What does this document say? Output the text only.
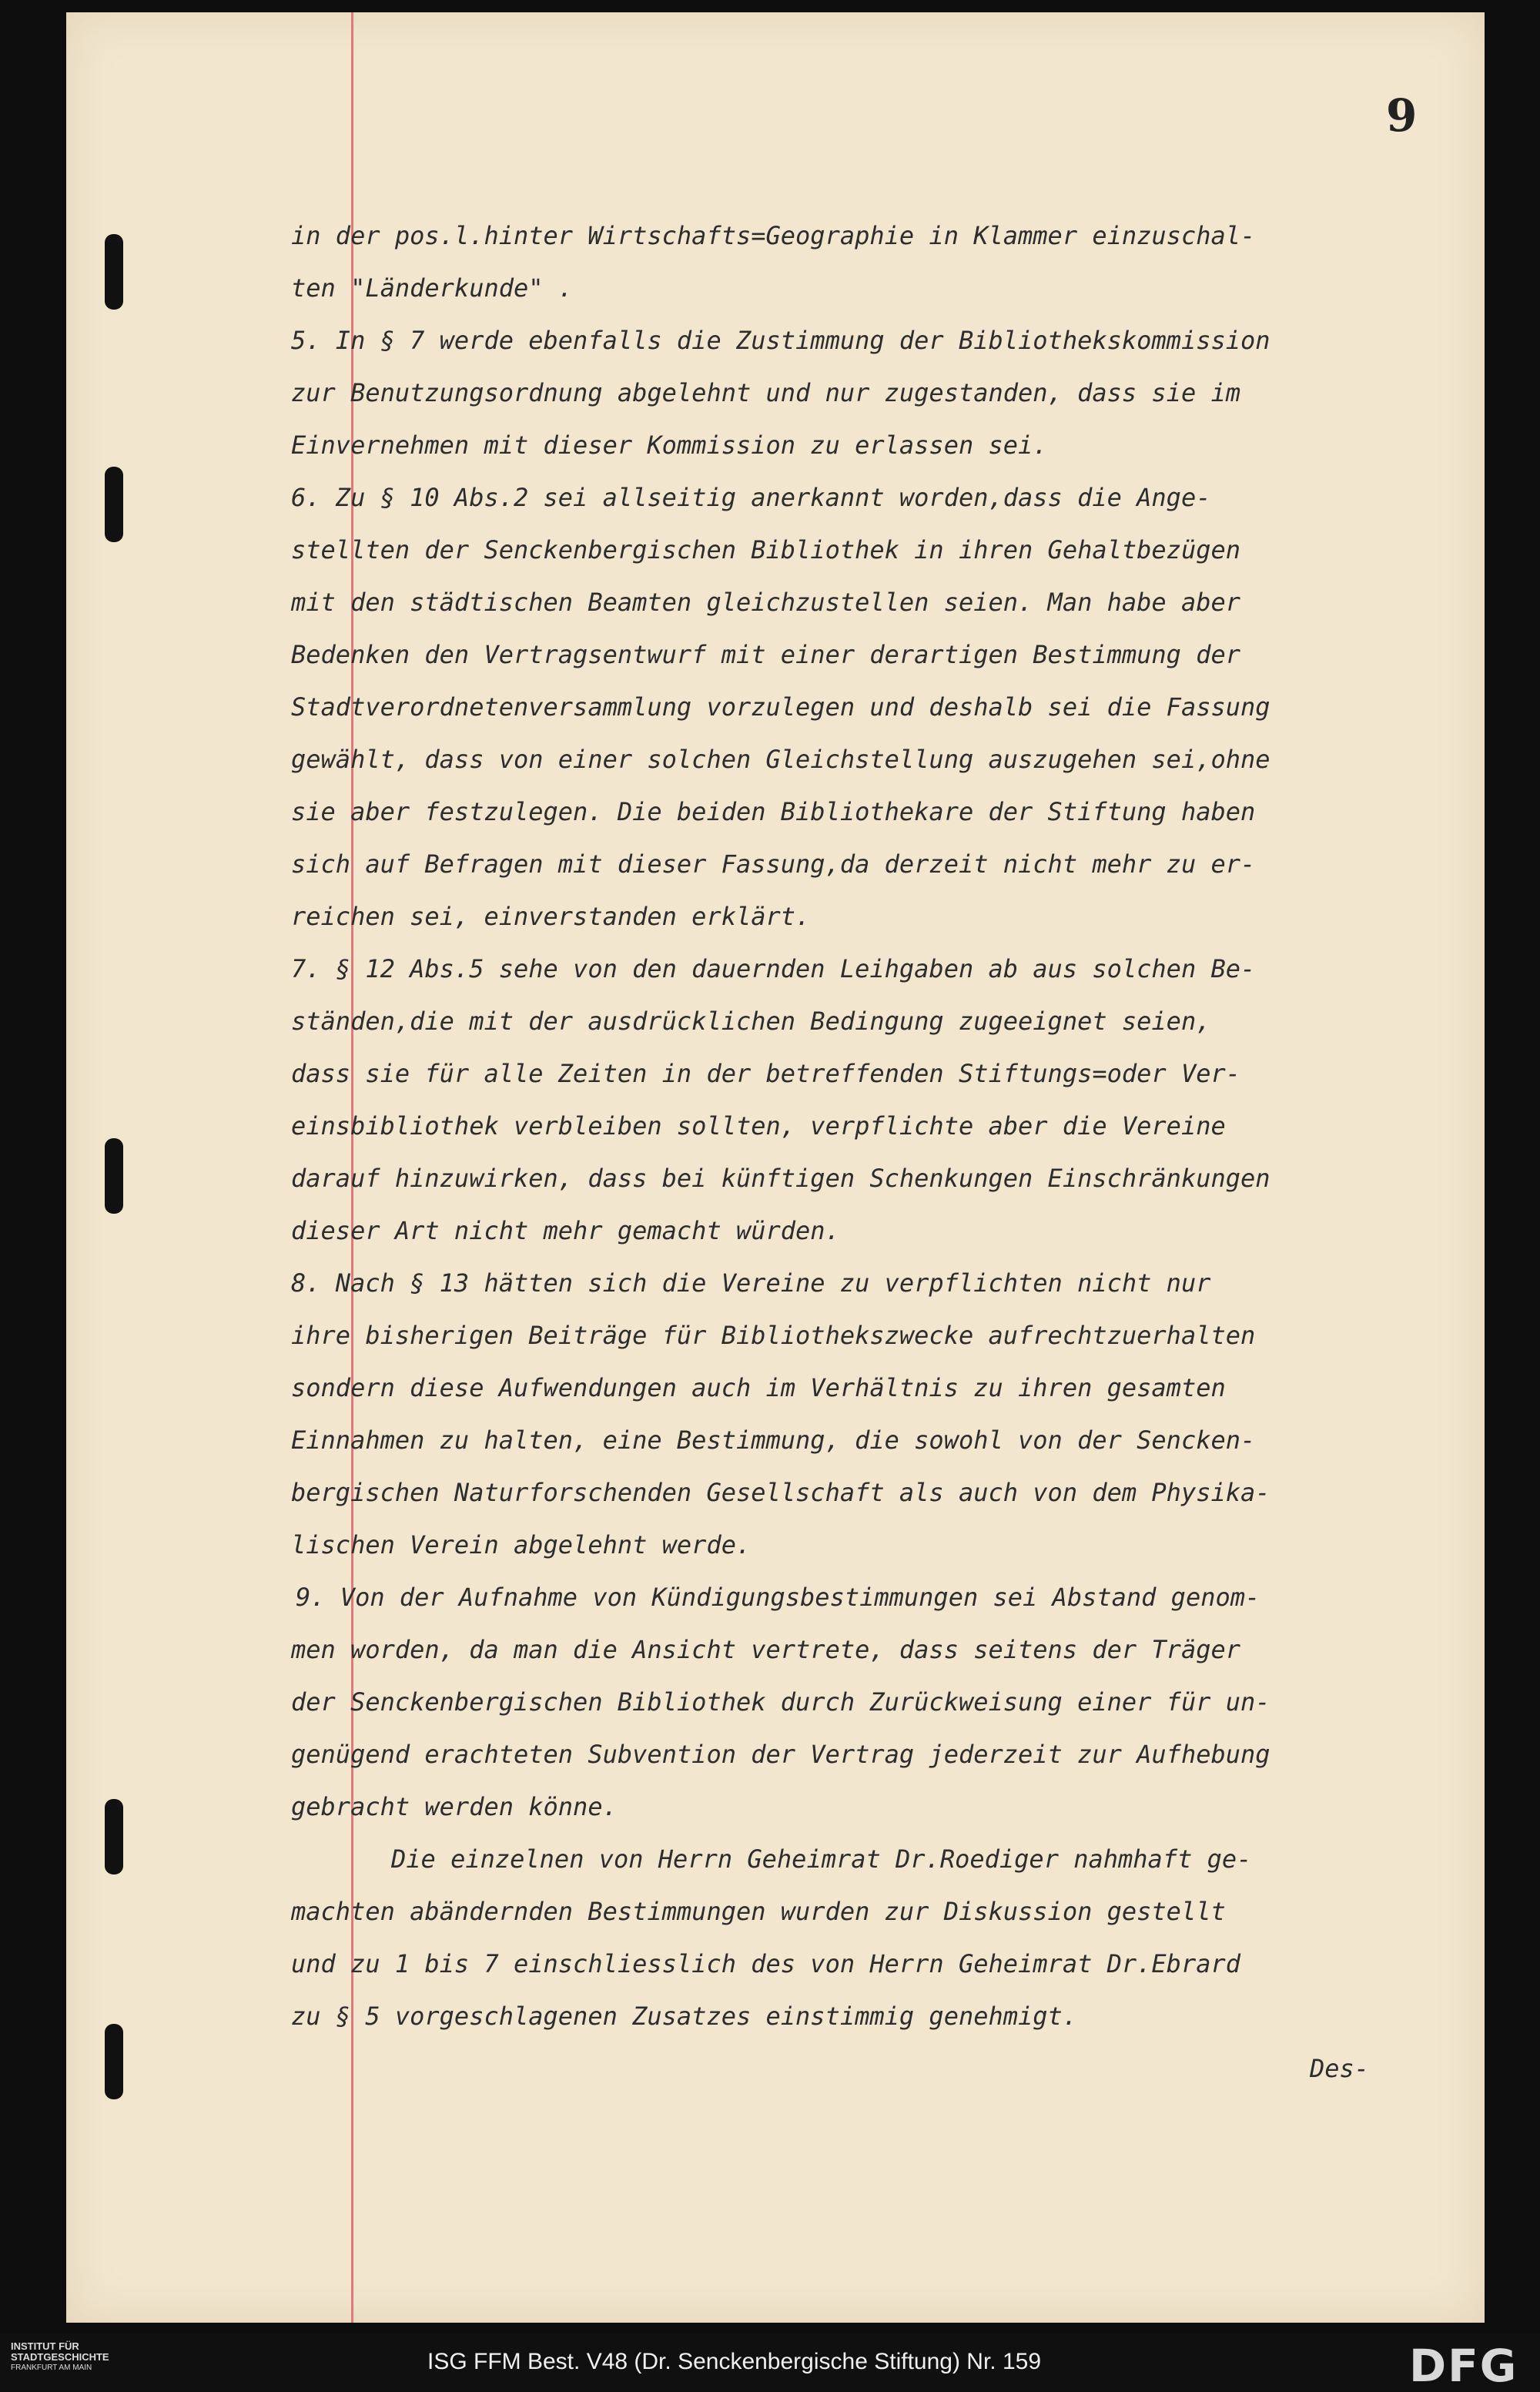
9
in der pos.l.hinter Wirtschafts=Geographie in Klammer einzuschal-
ten "Länderkunde" .
5. In § 7 werde ebenfalls die Zustimmung der Bibliothekskommission
zur Benutzungsordnung abgelehnt und nur zugestanden, dass sie im
Einvernehmen mit dieser Kommission zu erlassen sei.
6. Zu § 10 Abs.2 sei allseitig anerkannt worden,dass die Ange-
stellten der Senckenbergischen Bibliothek in ihren Gehaltbezügen
mit den städtischen Beamten gleichzustellen seien. Man habe aber
Bedenken den Vertragsentwurf mit einer derartigen Bestimmung der
Stadtverordnetenversammlung vorzulegen und deshalb sei die Fassung
gewählt, dass von einer solchen Gleichstellung auszugehen sei,ohne
sie aber festzulegen. Die beiden Bibliothekare der Stiftung haben
sich auf Befragen mit dieser Fassung,da derzeit nicht mehr zu er-
reichen sei, einverstanden erklärt.
7. § 12 Abs.5 sehe von den dauernden Leihgaben ab aus solchen Be-
ständen,die mit der ausdrücklichen Bedingung zugeeignet seien,
dass sie für alle Zeiten in der betreffenden Stiftungs=oder Ver-
einsbibliothek verbleiben sollten, verpflichte aber die Vereine
darauf hinzuwirken, dass bei künftigen Schenkungen Einschränkungen
dieser Art nicht mehr gemacht würden.
8. Nach § 13 hätten sich die Vereine zu verpflichten nicht nur
ihre bisherigen Beiträge für Bibliothekszwecke aufrechtzuerhalten
sondern diese Aufwendungen auch im Verhältnis zu ihren gesamten
Einnahmen zu halten, eine Bestimmung, die sowohl von der Sencken-
bergischen Naturforschenden Gesellschaft als auch von dem Physika-
lischen Verein abgelehnt werde.
9. Von der Aufnahme von Kündigungsbestimmungen sei Abstand genom-
men worden, da man die Ansicht vertrete, dass seitens der Träger
der Senckenbergischen Bibliothek durch Zurückweisung einer für un-
genügend erachteten Subvention der Vertrag jederzeit zur Aufhebung
gebracht werden könne.
Die einzelnen von Herrn Geheimrat Dr.Roediger nahmhaft ge-
machten abändernden Bestimmungen wurden zur Diskussion gestellt
und zu 1 bis 7 einschliesslich des von Herrn Geheimrat Dr.Ebrard
zu § 5 vorgeschlagenen Zusatzes einstimmig genehmigt.
Des-
INSTITUT FÜR
STADTGESCHICHTE
FRANKFURT AM MAIN	ISG FFM Best. V48 (Dr. Senckenbergische Stiftung) Nr. 159	DFG
